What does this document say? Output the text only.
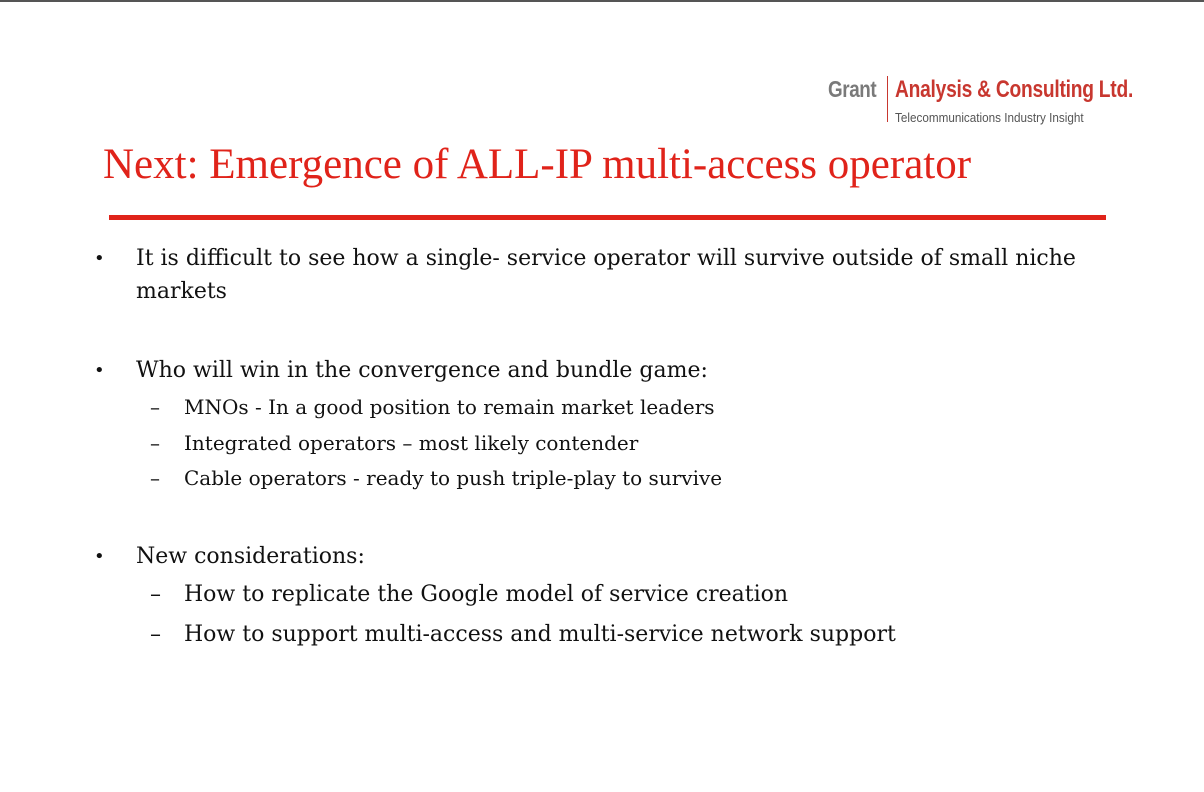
Grant Analysis & Consulting Ltd.
Telecommunications Industry Insight
Next: Emergence of ALL-IP multi-access operator
•	It is difficult to see how a single- service operator will survive outside of small niche markets
•	Who will win in the convergence and bundle game:
– MNOs - In a good position to remain market leaders
– Integrated operators – most likely contender
– Cable operators - ready to push triple-play to survive
•	New considerations:
– How to replicate the Google model of service creation
– How to support multi-access and multi-service network support
